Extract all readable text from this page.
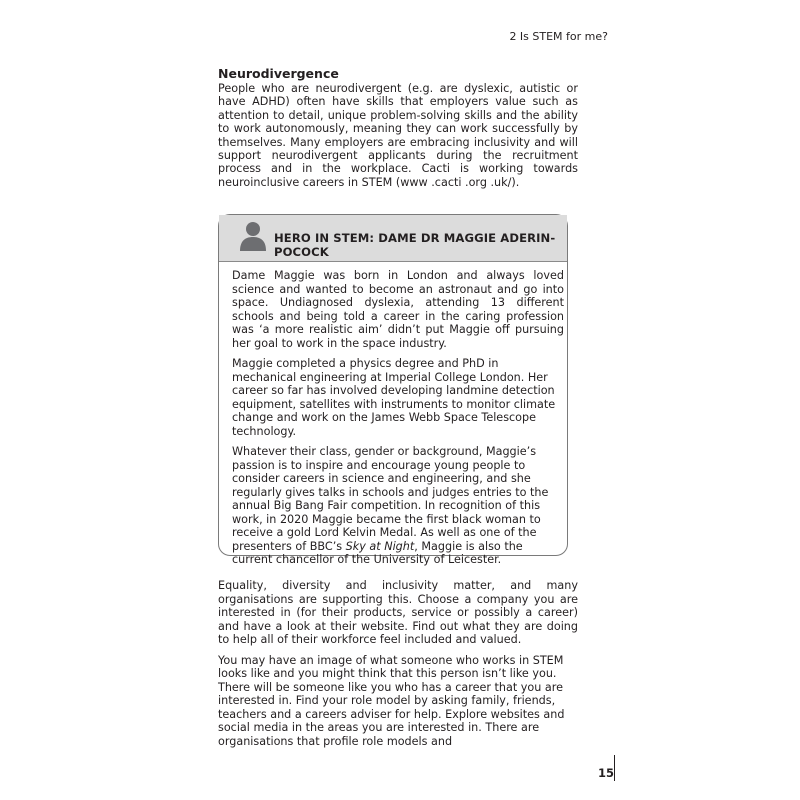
2 Is STEM for me?
Neurodivergence

People who are neurodivergent (e.g. are dyslexic, autistic or have ADHD) often have skills that employers value such as attention to detail, unique problem-solving skills and the ability to work autonomously, meaning they can work successfully by themselves. Many employers are embracing inclusivity and will support neurodivergent applicants during the recruitment process and in the workplace. Cacti is working towards neuroinclusive careers in STEM (www .cacti .org .uk/).

HERO IN STEM: DAME DR MAGGIE ADERIN-POCOCK

Dame Maggie was born in London and always loved science and wanted to become an astronaut and go into space. Undiagnosed dyslexia, attending 13 different schools and being told a career in the caring profession was ‘a more realistic aim’ didn’t put Maggie off pursuing her goal to work in the space industry.

Maggie completed a physics degree and PhD in mechanical engineering at Imperial College London. Her career so far has involved developing landmine detection equipment, satellites with instruments to monitor climate change and work on the James Webb Space Telescope technology.

Whatever their class, gender or background, Maggie’s passion is to inspire and encourage young people to consider careers in science and engineering, and she regularly gives talks in schools and judges entries to the annual Big Bang Fair competition. In recognition of this work, in 2020 Maggie became the first black woman to receive a gold Lord Kelvin Medal. As well as one of the presenters of BBC’s Sky at Night, Maggie is also the current chancellor of the University of Leicester.

Equality, diversity and inclusivity matter, and many organisations are supporting this. Choose a company you are interested in (for their products, service or possibly a career) and have a look at their website. Find out what they are doing to help all of their workforce feel included and valued.

You may have an image of what someone who works in STEM looks like and you might think that this person isn’t like you. There will be someone like you who has a career that you are interested in. Find your role model by asking family, friends, teachers and a careers adviser for help. Explore websites and social media in the areas you are interested in. There are organisations that profile role models and

15
